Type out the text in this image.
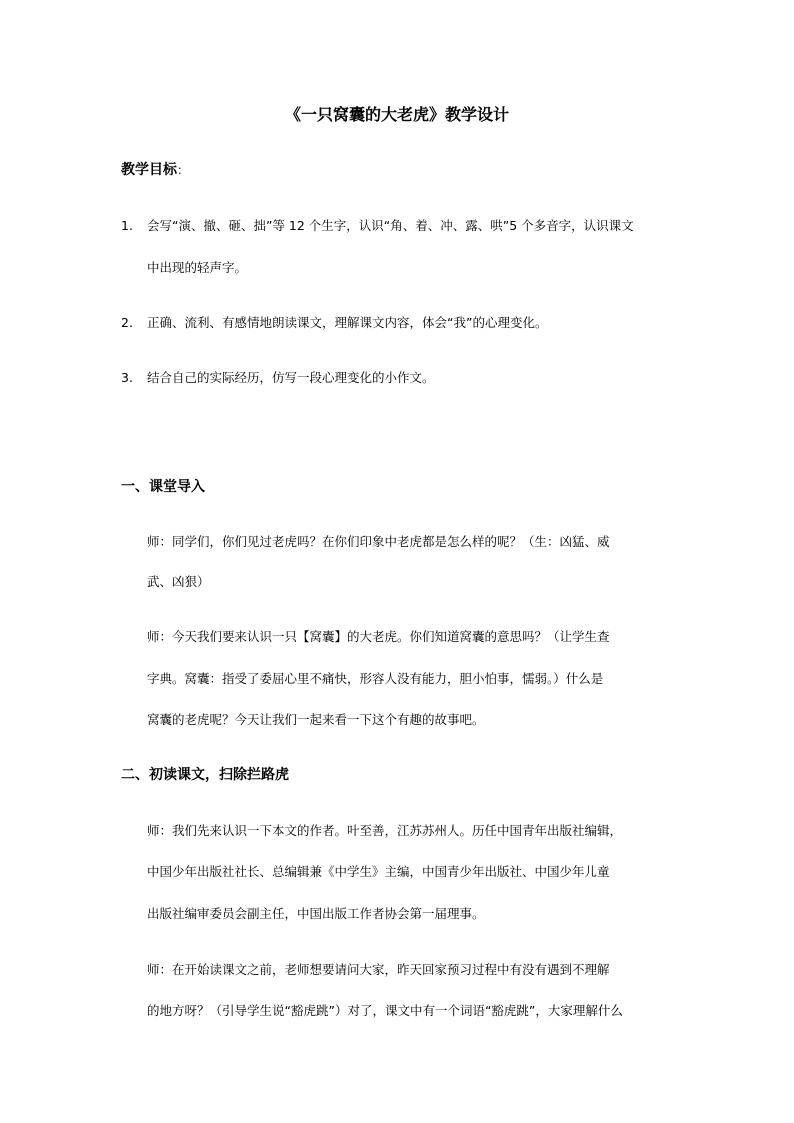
《一只窝囊的大老虎》教学设计
教学目标：
1. 会写“演、撤、砸、拙”等 12 个生字，认识“角、着、冲、露、哄”5 个多音字，认识课文
中出现的轻声字。
2. 正确、流利、有感情地朗读课文，理解课文内容，体会“我”的心理变化。
3. 结合自己的实际经历，仿写一段心理变化的小作文。
一、课堂导入
师：同学们，你们见过老虎吗？在你们印象中老虎都是怎么样的呢？（生：凶猛、威
武、凶狠）
师：今天我们要来认识一只【窝囊】的大老虎。你们知道窝囊的意思吗？（让学生查
字典。窝囊：指受了委屈心里不痛快，形容人没有能力，胆小怕事，懦弱。）什么是
窝囊的老虎呢？今天让我们一起来看一下这个有趣的故事吧。
二、初读课文，扫除拦路虎
师：我们先来认识一下本文的作者。叶至善，江苏苏州人。历任中国青年出版社编辑，
中国少年出版社社长、总编辑兼《中学生》主编，中国青少年出版社、中国少年儿童
出版社编审委员会副主任，中国出版工作者协会第一届理事。
师：在开始读课文之前，老师想要请问大家，昨天回家预习过程中有没有遇到不理解
的地方呀？（引导学生说“豁虎跳”）对了，课文中有一个词语“豁虎跳”，大家理解什么
